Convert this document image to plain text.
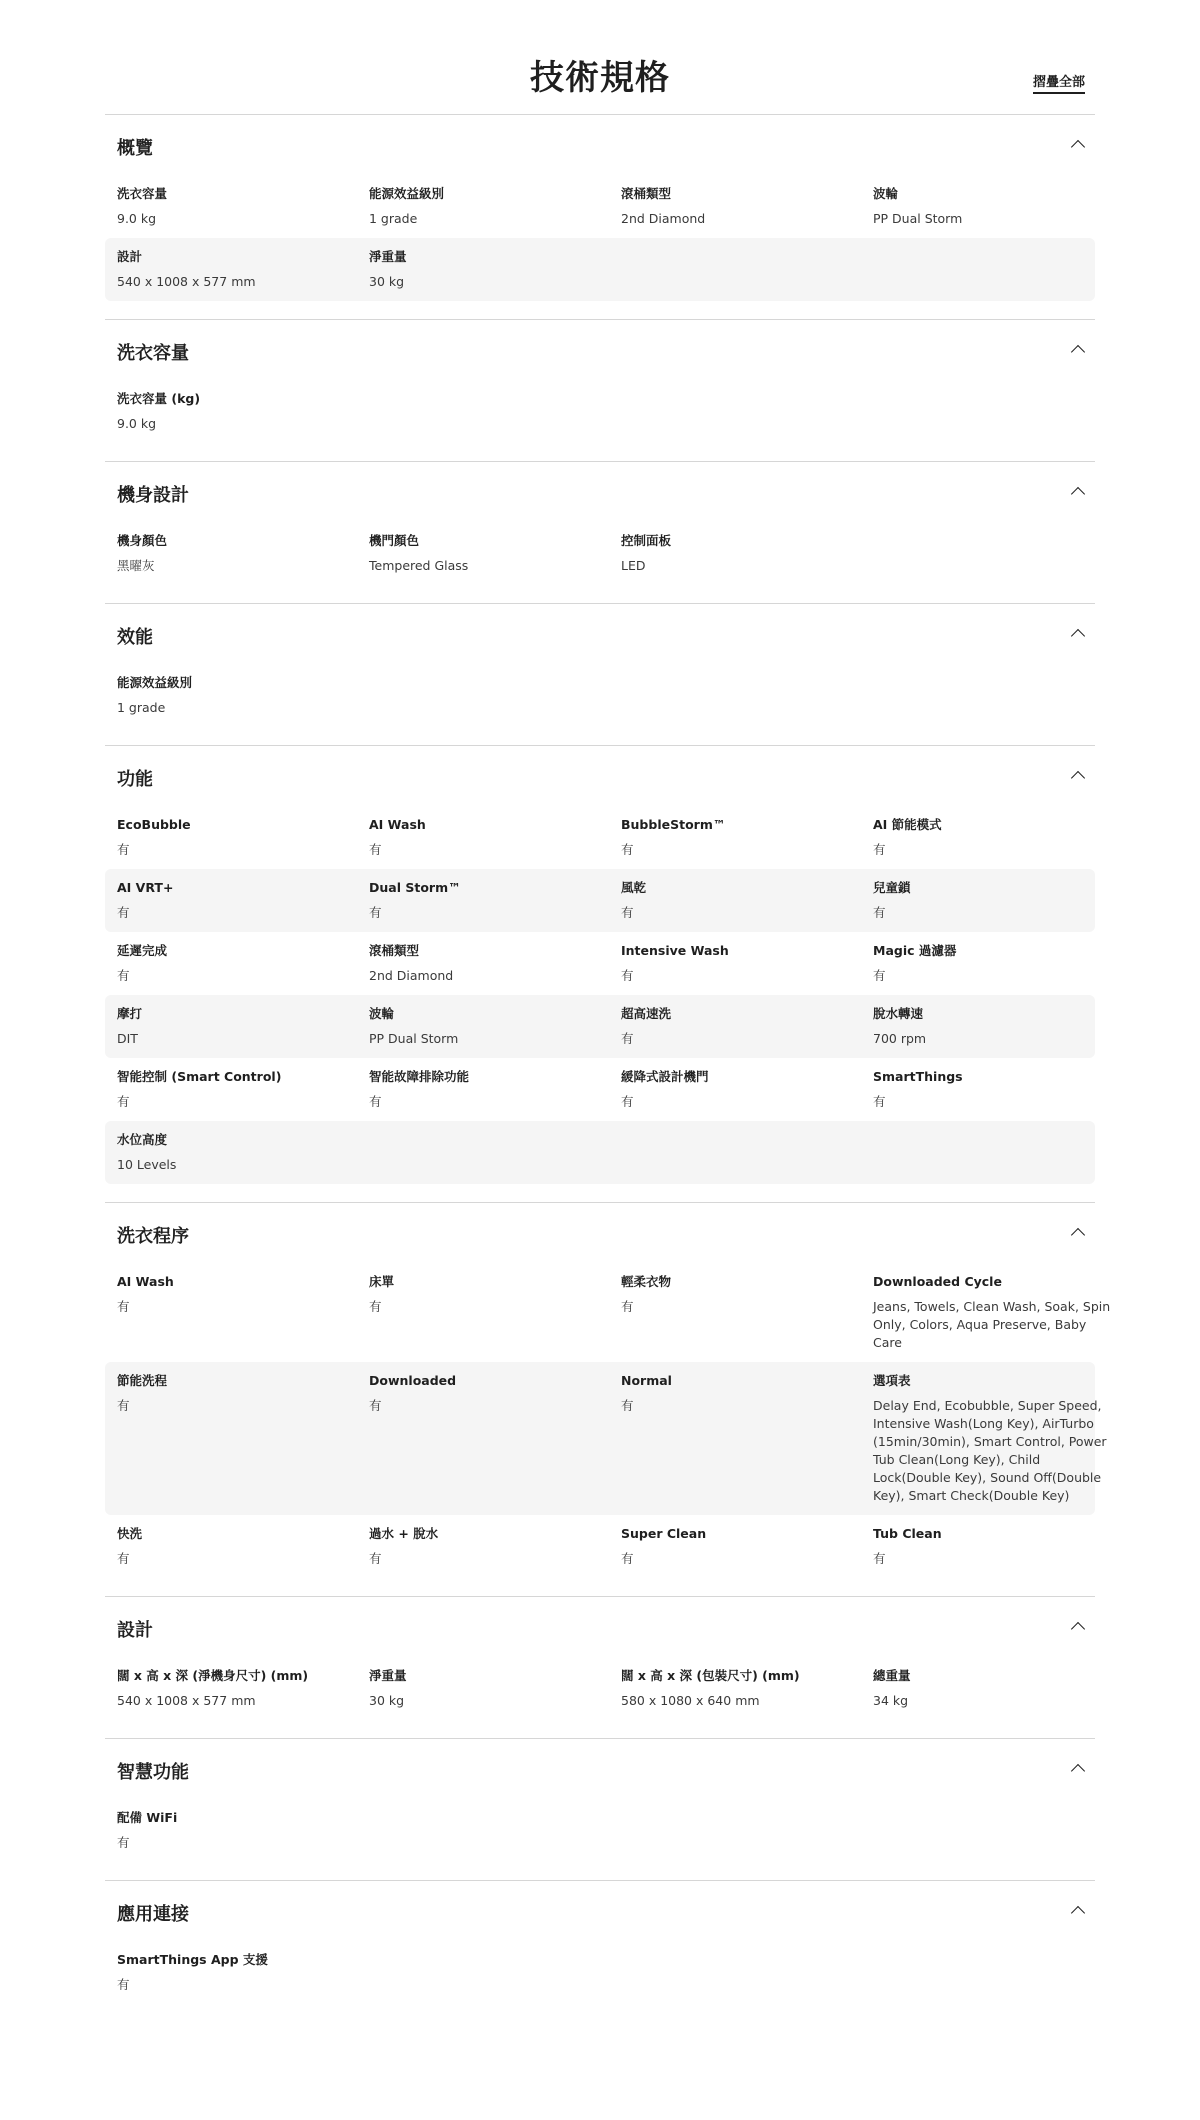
技術規格	摺疊全部
概覽
洗衣容量
9.0 kg
能源效益級別
1 grade
滾桶類型
2nd Diamond
波輪
PP Dual Storm
設計
540 x 1008 x 577 mm
淨重量
30 kg
洗衣容量
洗衣容量 (kg)
9.0 kg
機身設計
機身顏色
黑曜灰
機門顏色
Tempered Glass
控制面板
LED
效能
能源效益級別
1 grade
功能
EcoBubble
有
AI Wash
有
BubbleStorm™
有
AI 節能模式
有
AI VRT+
有
Dual Storm™
有
風乾
有
兒童鎖
有
延遲完成
有
滾桶類型
2nd Diamond
Intensive Wash
有
Magic 過濾器
有
摩打
DIT
波輪
PP Dual Storm
超高速洗
有
脫水轉速
700 rpm
智能控制 (Smart Control)
有
智能故障排除功能
有
緩降式設計機門
有
SmartThings
有
水位高度
10 Levels
洗衣程序
AI Wash
有
床單
有
輕柔衣物
有
Downloaded Cycle
Jeans, Towels, Clean Wash, Soak, Spin Only, Colors, Aqua Preserve, Baby Care
節能洗程
有
Downloaded
有
Normal
有
選項表
Delay End, Ecobubble, Super Speed, Intensive Wash(Long Key), AirTurbo (15min/30min), Smart Control, Power Tub Clean(Long Key), Child Lock(Double Key), Sound Off(Double Key), Smart Check(Double Key)
快洗
有
過水 + 脫水
有
Super Clean
有
Tub Clean
有
設計
闊 x 高 x 深 (淨機身尺寸) (mm)
540 x 1008 x 577 mm
淨重量
30 kg
闊 x 高 x 深 (包裝尺寸) (mm)
580 x 1080 x 640 mm
總重量
34 kg
智慧功能
配備 WiFi
有
應用連接
SmartThings App 支援
有
